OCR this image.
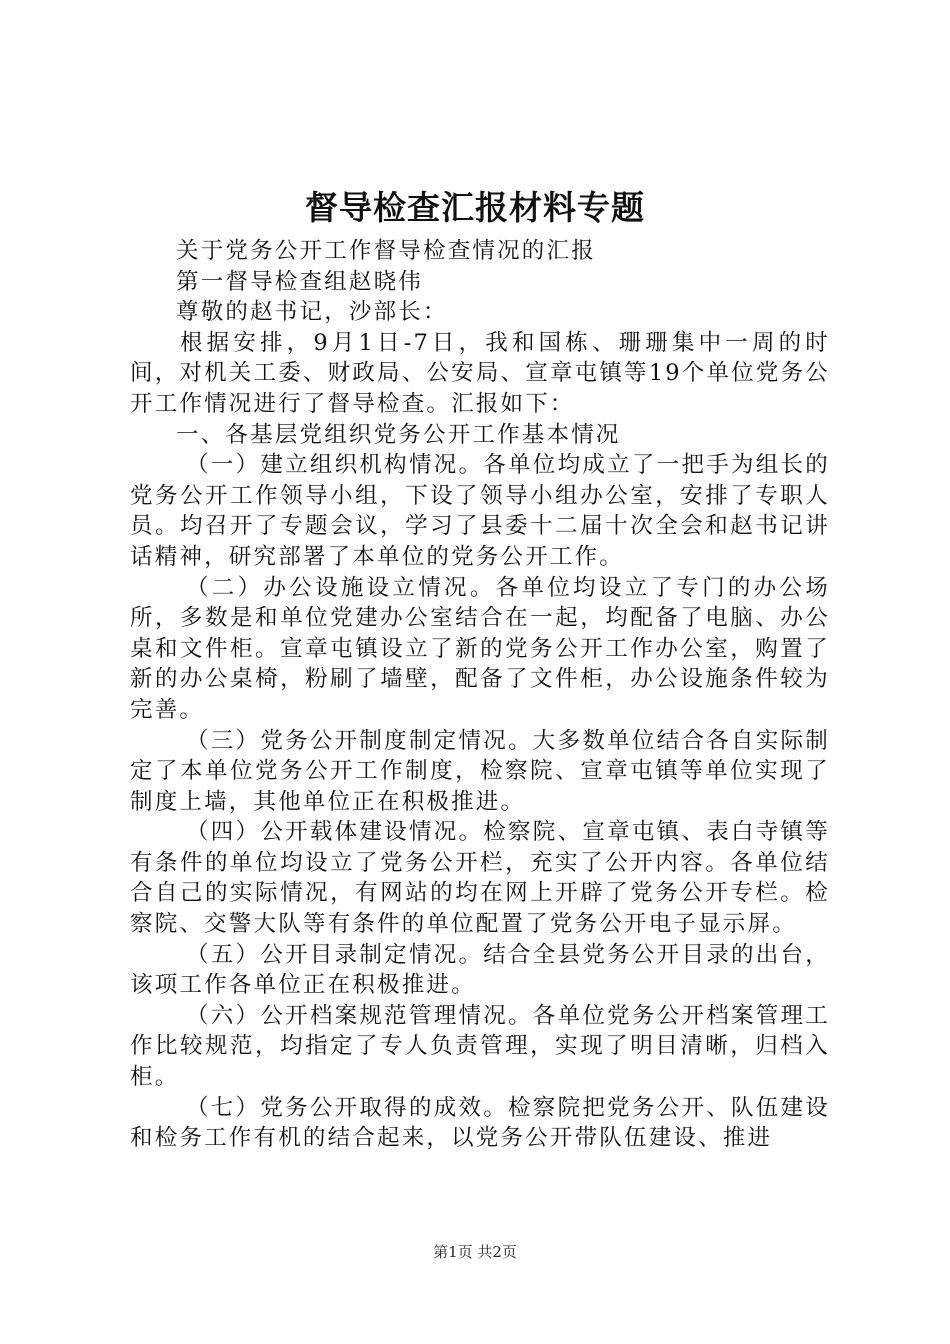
督导检查汇报材料专题

关于党务公开工作督导检查情况的汇报

第一督导检查组赵晓伟

尊敬的赵书记，沙部长：

根据安排，9月1日-7日，我和国栋、珊珊集中一周的时间，对机关工委、财政局、公安局、宣章屯镇等19个单位党务公开工作情况进行了督导检查。汇报如下：

一、各基层党组织党务公开工作基本情况

（一）建立组织机构情况。各单位均成立了一把手为组长的党务公开工作领导小组，下设了领导小组办公室，安排了专职人员。均召开了专题会议，学习了县委十二届十次全会和赵书记讲话精神，研究部署了本单位的党务公开工作。

（二）办公设施设立情况。各单位均设立了专门的办公场所，多数是和单位党建办公室结合在一起，均配备了电脑、办公桌和文件柜。宣章屯镇设立了新的党务公开工作办公室，购置了新的办公桌椅，粉刷了墙壁，配备了文件柜，办公设施条件较为完善。

（三）党务公开制度制定情况。大多数单位结合各自实际制定了本单位党务公开工作制度，检察院、宣章屯镇等单位实现了制度上墙，其他单位正在积极推进。

（四）公开载体建设情况。检察院、宣章屯镇、表白寺镇等有条件的单位均设立了党务公开栏，充实了公开内容。各单位结合自己的实际情况，有网站的均在网上开辟了党务公开专栏。检察院、交警大队等有条件的单位配置了党务公开电子显示屏。

（五）公开目录制定情况。结合全县党务公开目录的出台，该项工作各单位正在积极推进。

（六）公开档案规范管理情况。各单位党务公开档案管理工作比较规范，均指定了专人负责管理，实现了明目清晰，归档入柜。

（七）党务公开取得的成效。检察院把党务公开、队伍建设和检务工作有机的结合起来，以党务公开带队伍建设、推进

第1页 共2页
